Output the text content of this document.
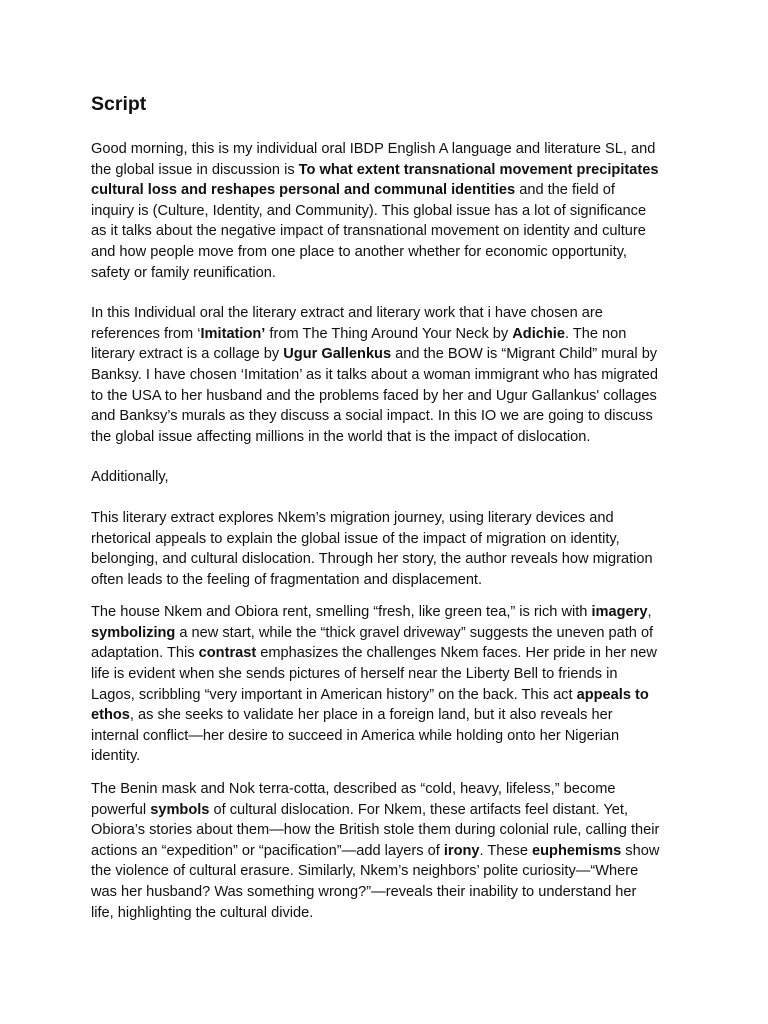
Script
Good morning, this is my individual oral IBDP English A language and literature SL, and
the global issue in discussion is To what extent transnational movement precipitates
cultural loss and reshapes personal and communal identities and the field of
inquiry is (Culture, Identity, and Community). This global issue has a lot of significance
as it talks about the negative impact of transnational movement on identity and culture
and how people move from one place to another whether for economic opportunity,
safety or family reunification.
In this Individual oral the literary extract and literary work that i have chosen are
references from ‘Imitation’ from The Thing Around Your Neck by Adichie. The non
literary extract is a collage by Ugur Gallenkus and the BOW is “Migrant Child” mural by
Banksy. I have chosen ‘Imitation’ as it talks about a woman immigrant who has migrated
to the USA to her husband and the problems faced by her and Ugur Gallankus' collages
and Banksy’s murals as they discuss a social impact. In this IO we are going to discuss
the global issue affecting millions in the world that is the impact of dislocation.
Additionally,
This literary extract explores Nkem’s migration journey, using literary devices and
rhetorical appeals to explain the global issue of the impact of migration on identity,
belonging, and cultural dislocation. Through her story, the author reveals how migration
often leads to the feeling of fragmentation and displacement.
The house Nkem and Obiora rent, smelling “fresh, like green tea,” is rich with imagery,
symbolizing a new start, while the “thick gravel driveway” suggests the uneven path of
adaptation. This contrast emphasizes the challenges Nkem faces. Her pride in her new
life is evident when she sends pictures of herself near the Liberty Bell to friends in
Lagos, scribbling “very important in American history” on the back. This act appeals to
ethos, as she seeks to validate her place in a foreign land, but it also reveals her
internal conflict—her desire to succeed in America while holding onto her Nigerian
identity.
The Benin mask and Nok terra-cotta, described as “cold, heavy, lifeless,” become
powerful symbols of cultural dislocation. For Nkem, these artifacts feel distant. Yet,
Obiora’s stories about them—how the British stole them during colonial rule, calling their
actions an “expedition” or “pacification”—add layers of irony. These euphemisms show
the violence of cultural erasure. Similarly, Nkem’s neighbors’ polite curiosity—“Where
was her husband? Was something wrong?”—reveals their inability to understand her
life, highlighting the cultural divide.
